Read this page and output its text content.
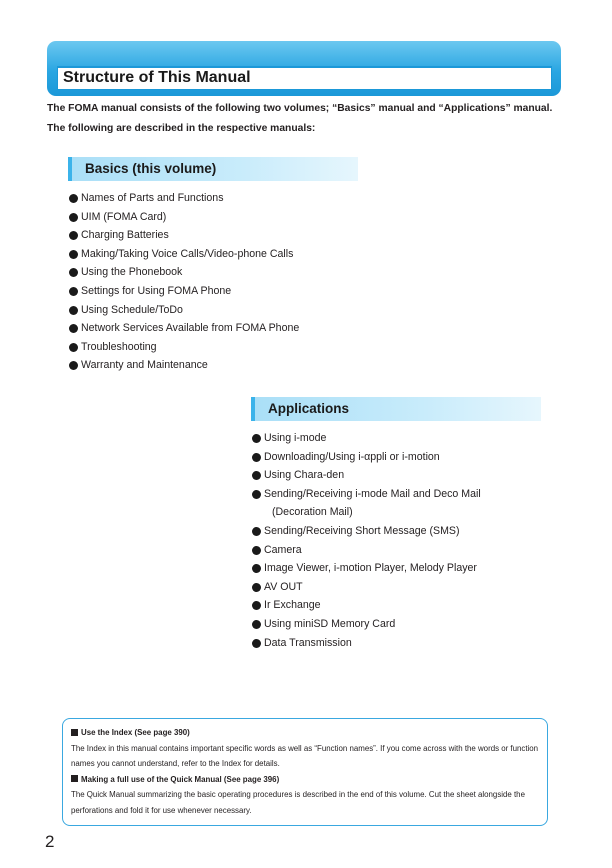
Structure of This Manual
The FOMA manual consists of the following two volumes; “Basics” manual and “Applications” manual. The following are described in the respective manuals:
Basics (this volume)
Names of Parts and Functions
UIM (FOMA Card)
Charging Batteries
Making/Taking Voice Calls/Video-phone Calls
Using the Phonebook
Settings for Using FOMA Phone
Using Schedule/ToDo
Network Services Available from FOMA Phone
Troubleshooting
Warranty and Maintenance
Applications
Using i-mode
Downloading/Using i-αppli or i-motion
Using Chara-den
Sending/Receiving i-mode Mail and Deco Mail
(Decoration Mail)
Sending/Receiving Short Message (SMS)
Camera
Image Viewer, i-motion Player, Melody Player
AV OUT
Ir Exchange
Using miniSD Memory Card
Data Transmission
Use the Index (See page 390)
The Index in this manual contains important specific words as well as “Function names”. If you come across with the words or function names you cannot understand, refer to the Index for details.
Making a full use of the Quick Manual (See page 396)
The Quick Manual summarizing the basic operating procedures is described in the end of this volume. Cut the sheet alongside the perforations and fold it for use whenever necessary.
2
